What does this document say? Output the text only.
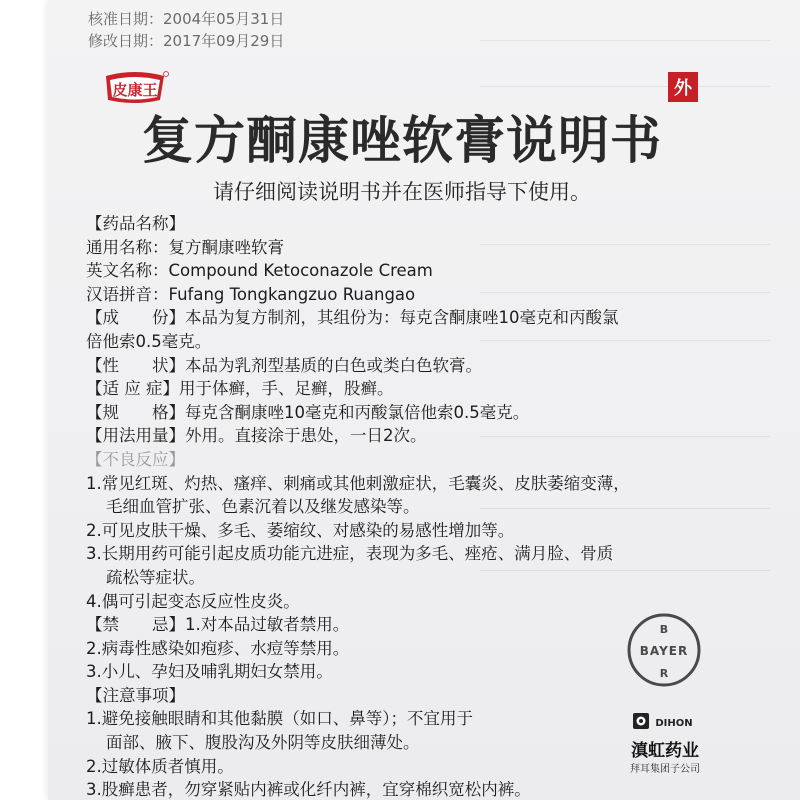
核准日期：2004年05月31日
修改日期：2017年09月29日
皮康王	外
复方酮康唑软膏说明书
请仔细阅读说明书并在医师指导下使用。
【药品名称】
通用名称：复方酮康唑软膏
英文名称：Compound Ketoconazole Cream
汉语拼音：Fufang Tongkangzuo Ruangao
【成　　份】本品为复方制剂，其组份为：每克含酮康唑10毫克和丙酸氯
倍他索0.5毫克。
【性　　状】本品为乳剂型基质的白色或类白色软膏。
【适 应 症】用于体癣，手、足癣，股癣。
【规　　格】每克含酮康唑10毫克和丙酸氯倍他索0.5毫克。
【用法用量】外用。直接涂于患处，一日2次。
【不良反应】
1.常见红斑、灼热、瘙痒、刺痛或其他刺激症状，毛囊炎、皮肤萎缩变薄，
毛细血管扩张、色素沉着以及继发感染等。
2.可见皮肤干燥、多毛、萎缩纹、对感染的易感性增加等。
3.长期用药可能引起皮质功能亢进症，表现为多毛、痤疮、满月脸、骨质
疏松等症状。
4.偶可引起变态反应性皮炎。
【禁　　忌】1.对本品过敏者禁用。
2.病毒性感染如疱疹、水痘等禁用。
3.小儿、孕妇及哺乳期妇女禁用。
【注意事项】
1.避免接触眼睛和其他黏膜（如口、鼻等）；不宜用于
面部、腋下、腹股沟及外阴等皮肤细薄处。
2.过敏体质者慎用。
3.股癣患者，勿穿紧贴内裤或化纤内裤，宜穿棉织宽松内裤。
B
BAYER
R
DIHON
滇虹药业
拜耳集团子公司
